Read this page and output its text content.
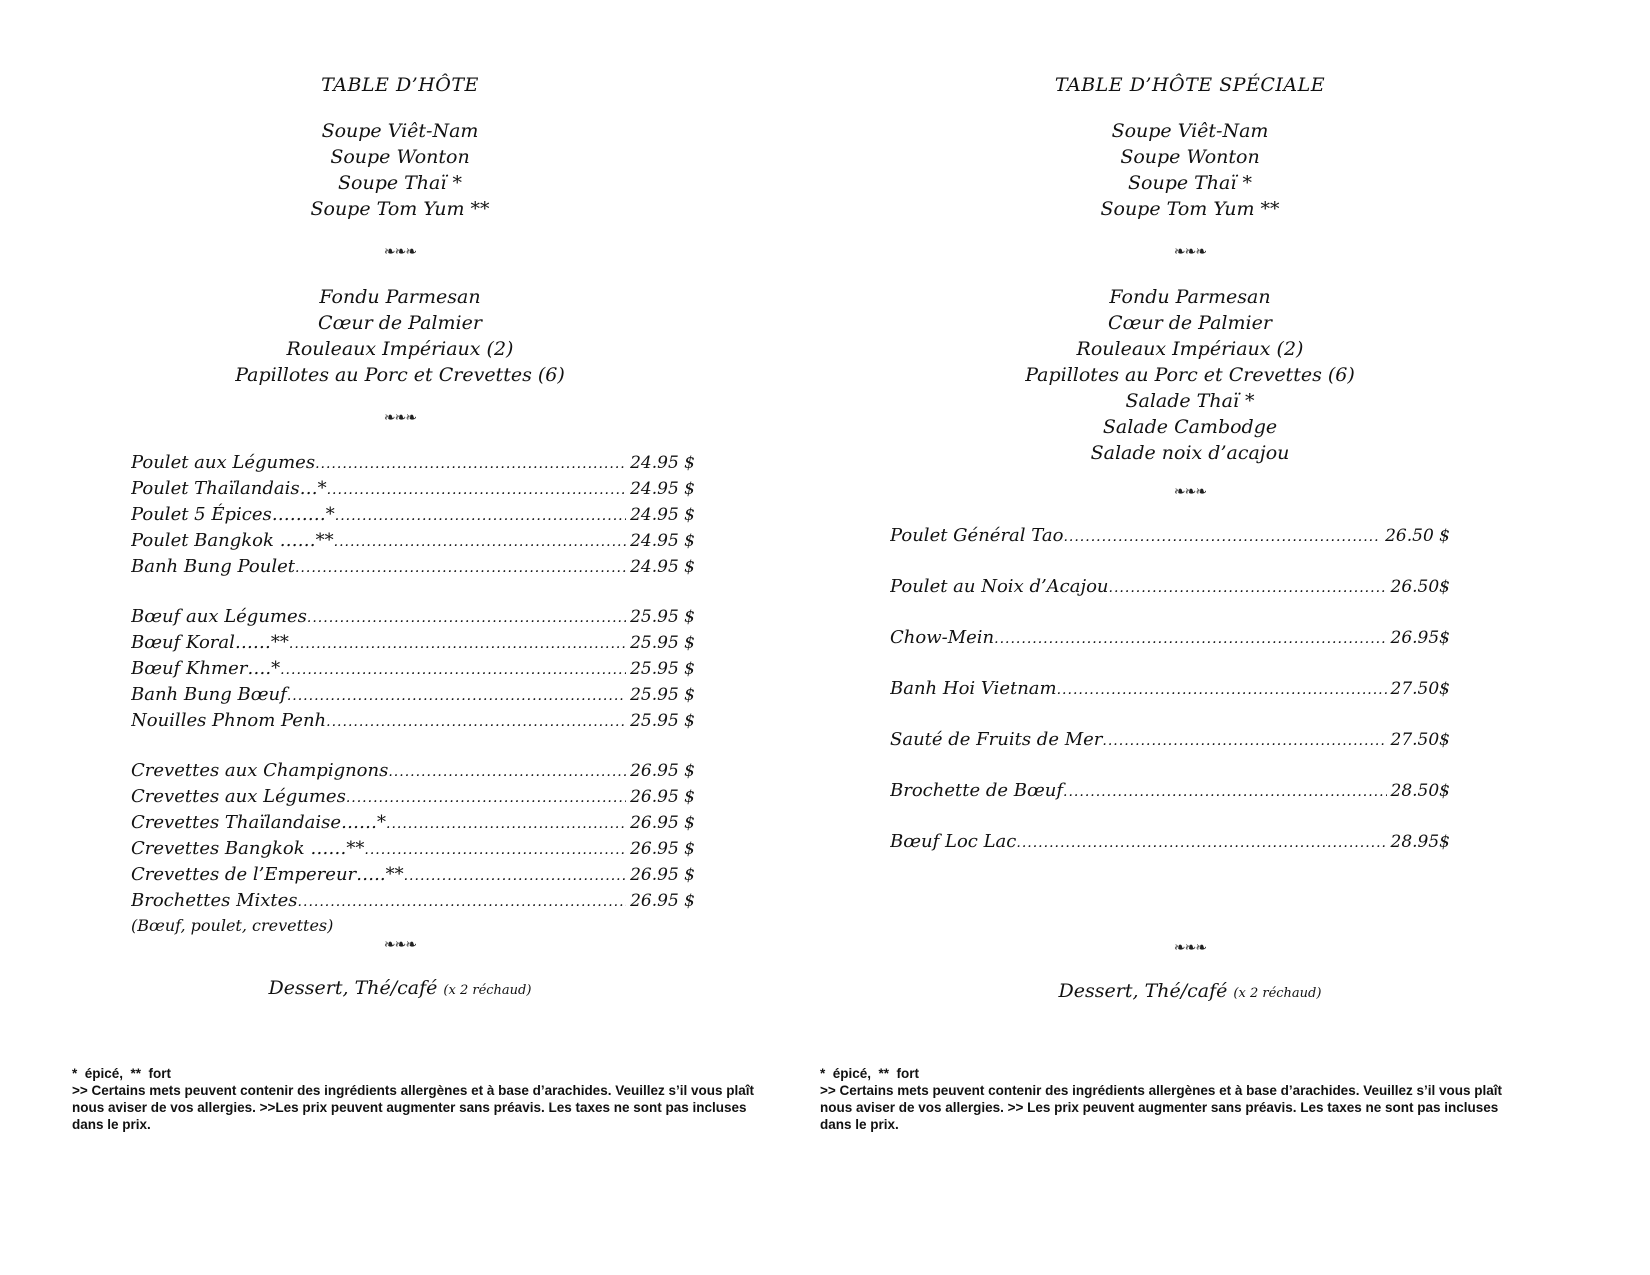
TABLE D’HÔTE
Soupe Viêt-Nam
Soupe Wonton
Soupe Thaï *
Soupe Tom Yum **
❧❧❧
Fondu Parmesan
Cœur de Palmier
Rouleaux Impériaux (2)
Papillotes au Porc et Crevettes (6)
❧❧❧
Poulet aux Légumes .....	24.95 $
Poulet Thaïlandais…* .....	24.95 $
Poulet 5 Épices………* .....	24.95 $
Poulet Bangkok ……** .....	24.95 $
Banh Bung Poulet .....	24.95 $
Bœuf aux Légumes .....	25.95 $
Bœuf Koral……** .....	25.95 $
Bœuf Khmer….* .....	25.95 $
Banh Bung Bœuf .....	25.95 $
Nouilles Phnom Penh .....	25.95 $
Crevettes aux Champignons .....	26.95 $
Crevettes aux Légumes .....	26.95 $
Crevettes Thaïlandaise……* .....	26.95 $
Crevettes Bangkok ……** .....	26.95 $
Crevettes de l’Empereur…..** .....	26.95 $
Brochettes Mixtes .....	26.95 $
(Bœuf, poulet, crevettes)
❧❧❧
Dessert, Thé/café (x 2 réchaud)
*  épicé,  **  fort
>> Certains mets peuvent contenir des ingrédients allergènes et à base d’arachides. Veuillez s’il vous plaît nous aviser de vos allergies. >>Les prix peuvent augmenter sans préavis. Les taxes ne sont pas incluses dans le prix.
TABLE D’HÔTE SPÉCIALE
Soupe Viêt-Nam
Soupe Wonton
Soupe Thaï *
Soupe Tom Yum **
❧❧❧
Fondu Parmesan
Cœur de Palmier
Rouleaux Impériaux (2)
Papillotes au Porc et Crevettes (6)
Salade Thaï *
Salade Cambodge
Salade noix d’acajou
❧❧❧
Poulet Général Tao .....	26.50 $
Poulet au Noix d’Acajou .....	26.50$
Chow-Mein .....	26.95$
Banh Hoi Vietnam .....	27.50$
Sauté de Fruits de Mer .....	27.50$
Brochette de Bœuf .....	28.50$
Bœuf Loc Lac .....	28.95$
❧❧❧
Dessert, Thé/café (x 2 réchaud)
*  épicé,  **  fort
>> Certains mets peuvent contenir des ingrédients allergènes et à base d’arachides. Veuillez s’il vous plaît nous aviser de vos allergies. >> Les prix peuvent augmenter sans préavis. Les taxes ne sont pas incluses dans le prix.
